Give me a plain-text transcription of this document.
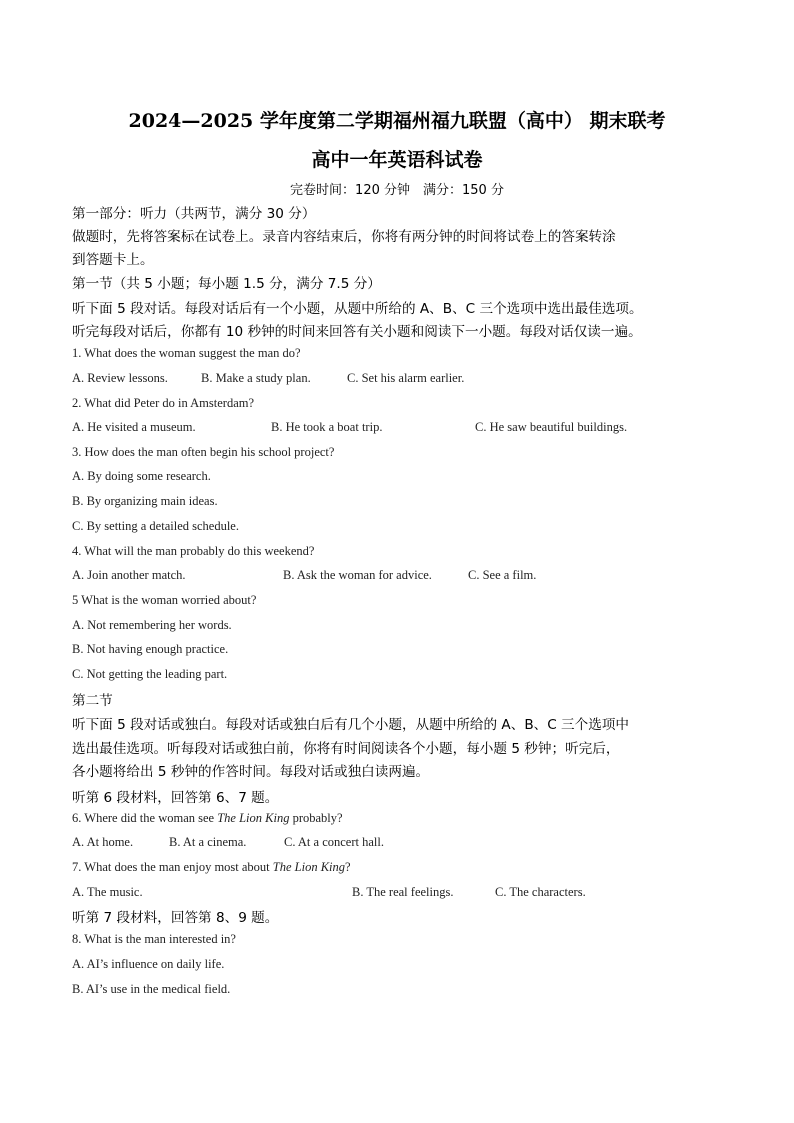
2024—2025 学年度第二学期福州福九联盟（高中） 期末联考
高中一年英语科试卷
完卷时间：120 分钟　满分：150 分
第一部分：听力（共两节，满分 30 分）
做题时，先将答案标在试卷上。录音内容结束后，你将有两分钟的时间将试卷上的答案转涂
到答题卡上。
第一节（共 5 小题；每小题 1.5 分，满分 7.5 分）
听下面 5 段对话。每段对话后有一个小题，从题中所给的 A、B、C 三个选项中选出最佳选项。
听完每段对话后，你都有 10 秒钟的时间来回答有关小题和阅读下一小题。每段对话仅读一遍。
1. What does the woman suggest the man do?
A. Review lessons.	B. Make a study plan.	C. Set his alarm earlier.
2. What did Peter do in Amsterdam?
A. He visited a museum.	B. He took a boat trip.	C. He saw beautiful buildings.
3. How does the man often begin his school project?
A. By doing some research.
B. By organizing main ideas.
C. By setting a detailed schedule.
4. What will the man probably do this weekend?
A. Join another match.	B. Ask the woman for advice.	C. See a film.
5 What is the woman worried about?
A. Not remembering her words.
B. Not having enough practice.
C. Not getting the leading part.
第二节
听下面 5 段对话或独白。每段对话或独白后有几个小题，从题中所给的 A、B、C 三个选项中
选出最佳选项。听每段对话或独白前，你将有时间阅读各个小题，每小题 5 秒钟；听完后，
各小题将给出 5 秒钟的作答时间。每段对话或独白读两遍。
听第 6 段材料，回答第 6、7 题。
6. Where did the woman see The Lion King probably?
A. At home.	B. At a cinema.	C. At a concert hall.
7. What does the man enjoy most about The Lion King?
A. The music.	B. The real feelings.	C. The characters.
听第 7 段材料，回答第 8、9 题。
8. What is the man interested in?
A. AI’s influence on daily life.
B. AI’s use in the medical field.
